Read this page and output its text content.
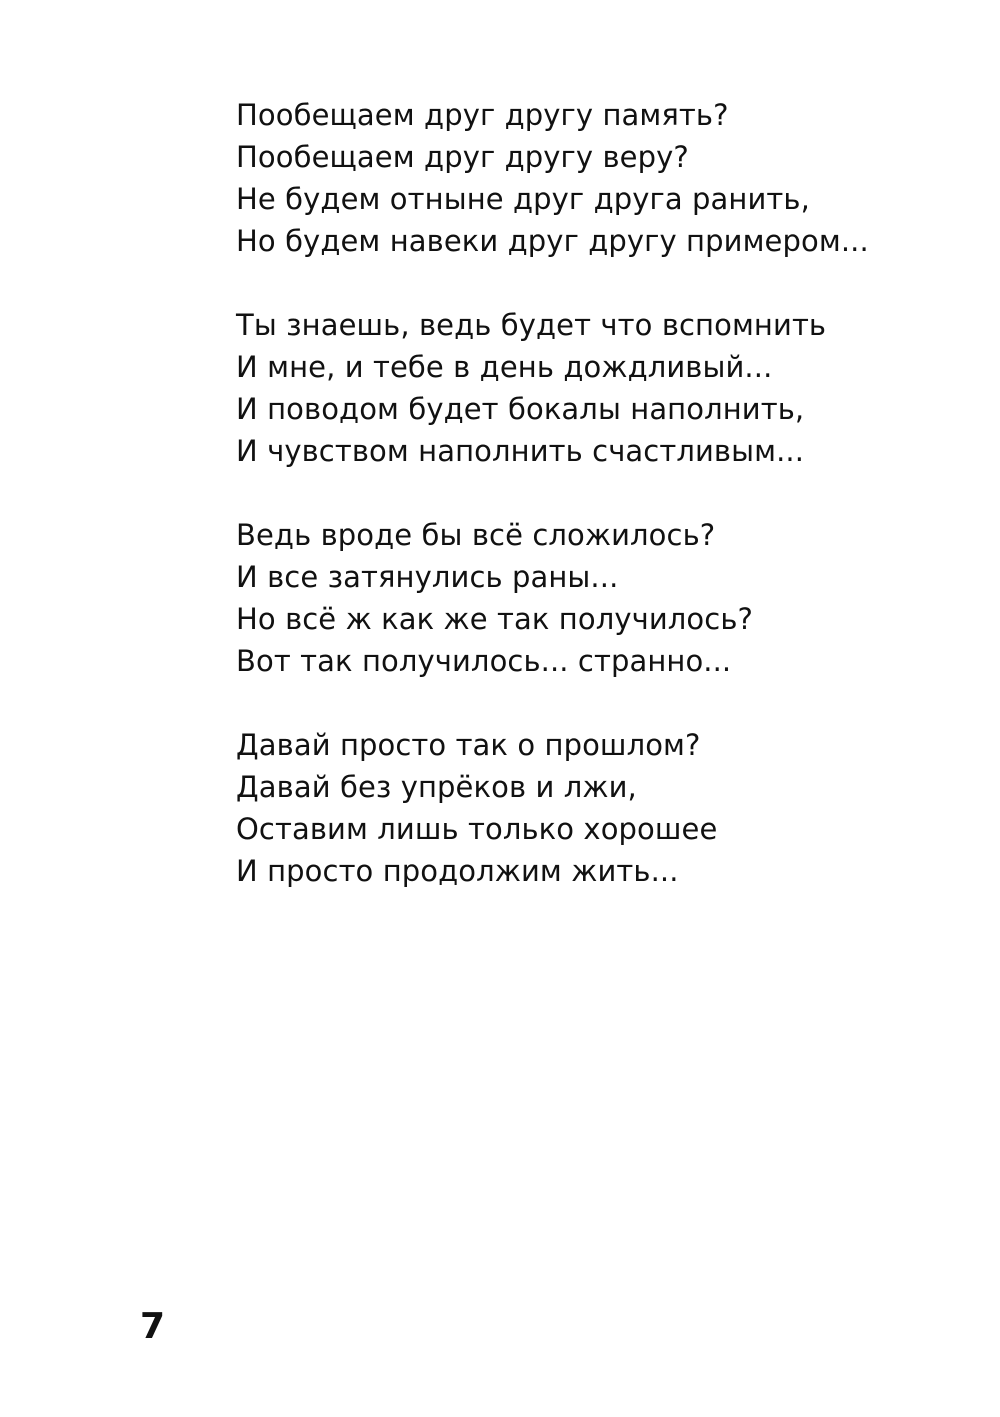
Пообещаем друг другу память?
Пообещаем друг другу веру?
Не будем отныне друг друга ранить,
Но будем навеки друг другу примером...
Ты знаешь, ведь будет что вспомнить
И мне, и тебе в день дождливый...
И поводом будет бокалы наполнить,
И чувством наполнить счастливым...
Ведь вроде бы всё сложилось?
И все затянулись раны...
Но всё ж как же так получилось?
Вот так получилось... странно...
Давай просто так о прошлом?
Давай без упрёков и лжи,
Оставим лишь только хорошее
И просто продолжим жить...
7
